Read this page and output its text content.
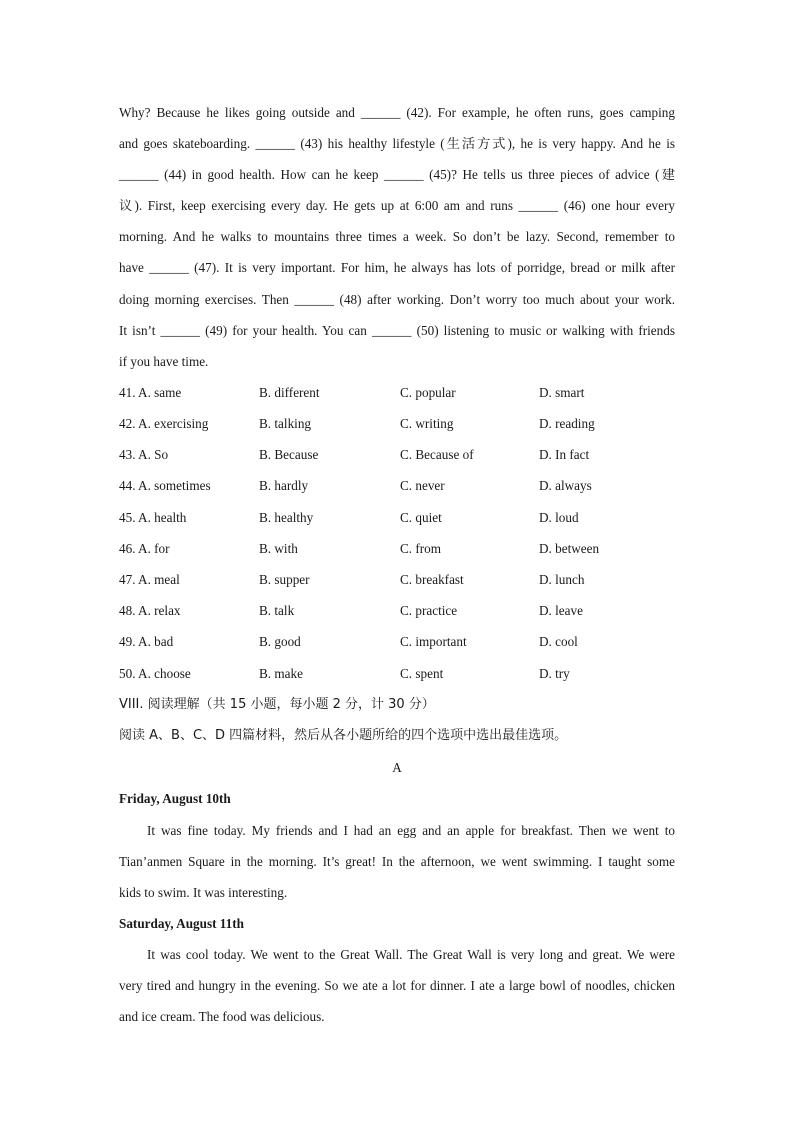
Why? Because he likes going outside and ______ (42). For example, he often runs, goes camping
and goes skateboarding. ______ (43) his healthy lifestyle (生活方式), he is very happy. And he is
______ (44) in good health. How can he keep ______ (45)? He tells us three pieces of advice (建
议). First, keep exercising every day. He gets up at 6:00 am and runs ______ (46) one hour every
morning. And he walks to mountains three times a week. So don’t be lazy. Second, remember to
have ______ (47). It is very important. For him, he always has lots of porridge, bread or milk after
doing morning exercises. Then ______ (48) after working. Don’t worry too much about your work.
It isn’t ______ (49) for your health. You can ______ (50) listening to music or walking with friends
if you have time.
41. A. same	B. different	C. popular	D. smart
42. A. exercising	B. talking	C. writing	D. reading
43. A. So	B. Because	C. Because of	D. In fact
44. A. sometimes	B. hardly	C. never	D. always
45. A. health	B. healthy	C. quiet	D. loud
46. A. for	B. with	C. from	D. between
47. A. meal	B. supper	C. breakfast	D. lunch
48. A. relax	B. talk	C. practice	D. leave
49. A. bad	B. good	C. important	D. cool
50. A. choose	B. make	C. spent	D. try
VIII. 阅读理解（共 15 小题，每小题 2 分，计 30 分）
阅读 A、B、C、D 四篇材料，然后从各小题所给的四个选项中选出最佳选项。
A
Friday, August 10th
It was fine today. My friends and I had an egg and an apple for breakfast. Then we went to
Tian’anmen Square in the morning. It’s great! In the afternoon, we went swimming. I taught some
kids to swim. It was interesting.
Saturday, August 11th
It was cool today. We went to the Great Wall. The Great Wall is very long and great. We were
very tired and hungry in the evening. So we ate a lot for dinner. I ate a large bowl of noodles, chicken
and ice cream. The food was delicious.
